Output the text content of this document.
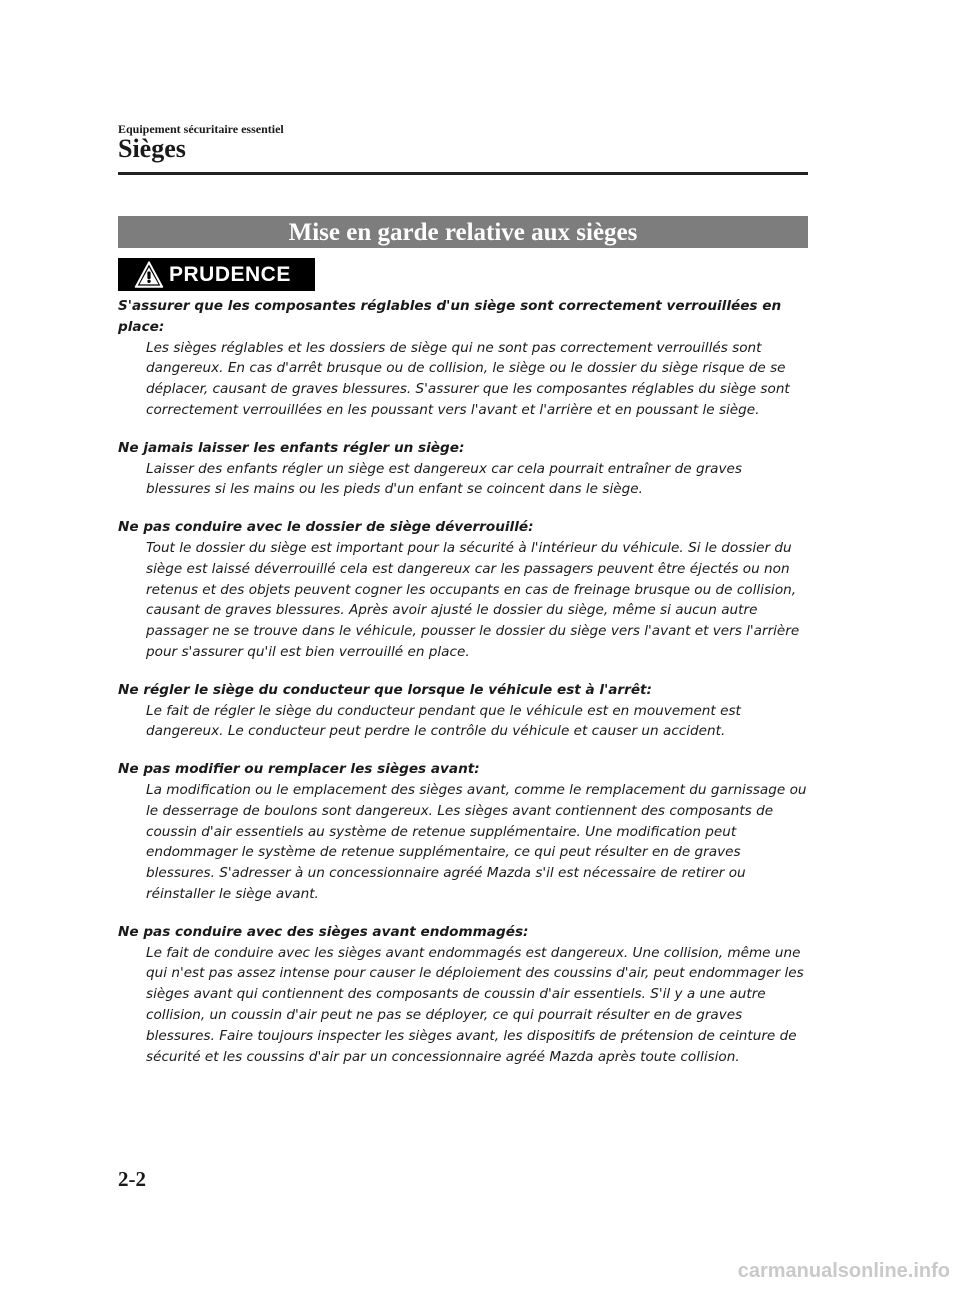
Equipement sécuritaire essentiel
Sièges
Mise en garde relative aux sièges
PRUDENCE
S'assurer que les composantes réglables d'un siège sont correctement verrouillées en place:
Les sièges réglables et les dossiers de siège qui ne sont pas correctement verrouillés sont dangereux. En cas d'arrêt brusque ou de collision, le siège ou le dossier du siège risque de se déplacer, causant de graves blessures. S'assurer que les composantes réglables du siège sont correctement verrouillées en les poussant vers l'avant et l'arrière et en poussant le siège.
Ne jamais laisser les enfants régler un siège:
Laisser des enfants régler un siège est dangereux car cela pourrait entraîner de graves blessures si les mains ou les pieds d'un enfant se coincent dans le siège.
Ne pas conduire avec le dossier de siège déverrouillé:
Tout le dossier du siège est important pour la sécurité à l'intérieur du véhicule. Si le dossier du siège est laissé déverrouillé cela est dangereux car les passagers peuvent être éjectés ou non retenus et des objets peuvent cogner les occupants en cas de freinage brusque ou de collision, causant de graves blessures. Après avoir ajusté le dossier du siège, même si aucun autre passager ne se trouve dans le véhicule, pousser le dossier du siège vers l'avant et vers l'arrière pour s'assurer qu'il est bien verrouillé en place.
Ne régler le siège du conducteur que lorsque le véhicule est à l'arrêt:
Le fait de régler le siège du conducteur pendant que le véhicule est en mouvement est dangereux. Le conducteur peut perdre le contrôle du véhicule et causer un accident.
Ne pas modifier ou remplacer les sièges avant:
La modification ou le emplacement des sièges avant, comme le remplacement du garnissage ou le desserrage de boulons sont dangereux. Les sièges avant contiennent des composants de coussin d'air essentiels au système de retenue supplémentaire. Une modification peut endommager le système de retenue supplémentaire, ce qui peut résulter en de graves blessures. S'adresser à un concessionnaire agréé Mazda s'il est nécessaire de retirer ou réinstaller le siège avant.
Ne pas conduire avec des sièges avant endommagés:
Le fait de conduire avec les sièges avant endommagés est dangereux. Une collision, même une qui n'est pas assez intense pour causer le déploiement des coussins d'air, peut endommager les sièges avant qui contiennent des composants de coussin d'air essentiels. S'il y a une autre collision, un coussin d'air peut ne pas se déployer, ce qui pourrait résulter en de graves blessures. Faire toujours inspecter les sièges avant, les dispositifs de prétension de ceinture de sécurité et les coussins d'air par un concessionnaire agréé Mazda après toute collision.
2-2
carmanualsonline.info
